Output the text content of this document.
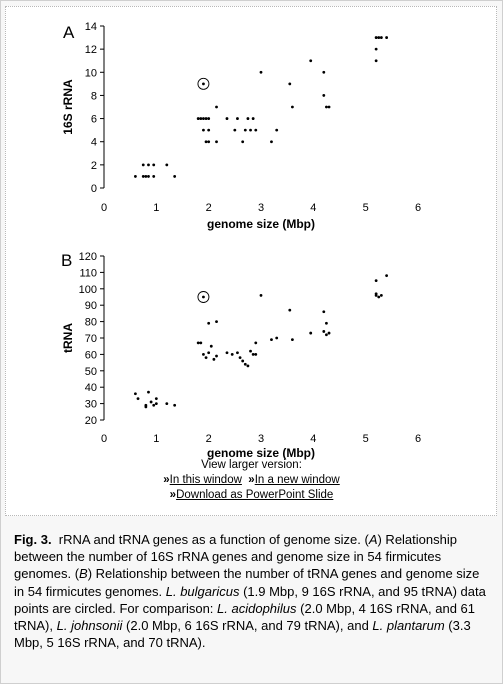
A
0
2
4
6
8
10
12
14
0	1	2	3	4	5	6
genome size (Mbp)
16S rRNA
B
20
30
40
50
60
70
80
90
100
110
120
0	1	2	3	4	5	6
genome size (Mbp)
tRNA
View larger version:
»In this window »In a new window
»Download as PowerPoint Slide
Fig. 3. rRNA and tRNA genes as a function of genome size. (A) Relationship between the number of 16S rRNA genes and genome size in 54 firmicutes genomes. (B) Relationship between the number of tRNA genes and genome size in 54 firmicutes genomes. L. bulgaricus (1.9 Mbp, 9 16S rRNA, and 95 tRNA) data points are circled. For comparison: L. acidophilus (2.0 Mbp, 4 16S rRNA, and 61 tRNA), L. johnsonii (2.0 Mbp, 6 16S rRNA, and 79 tRNA), and L. plantarum (3.3 Mbp, 5 16S rRNA, and 70 tRNA).
